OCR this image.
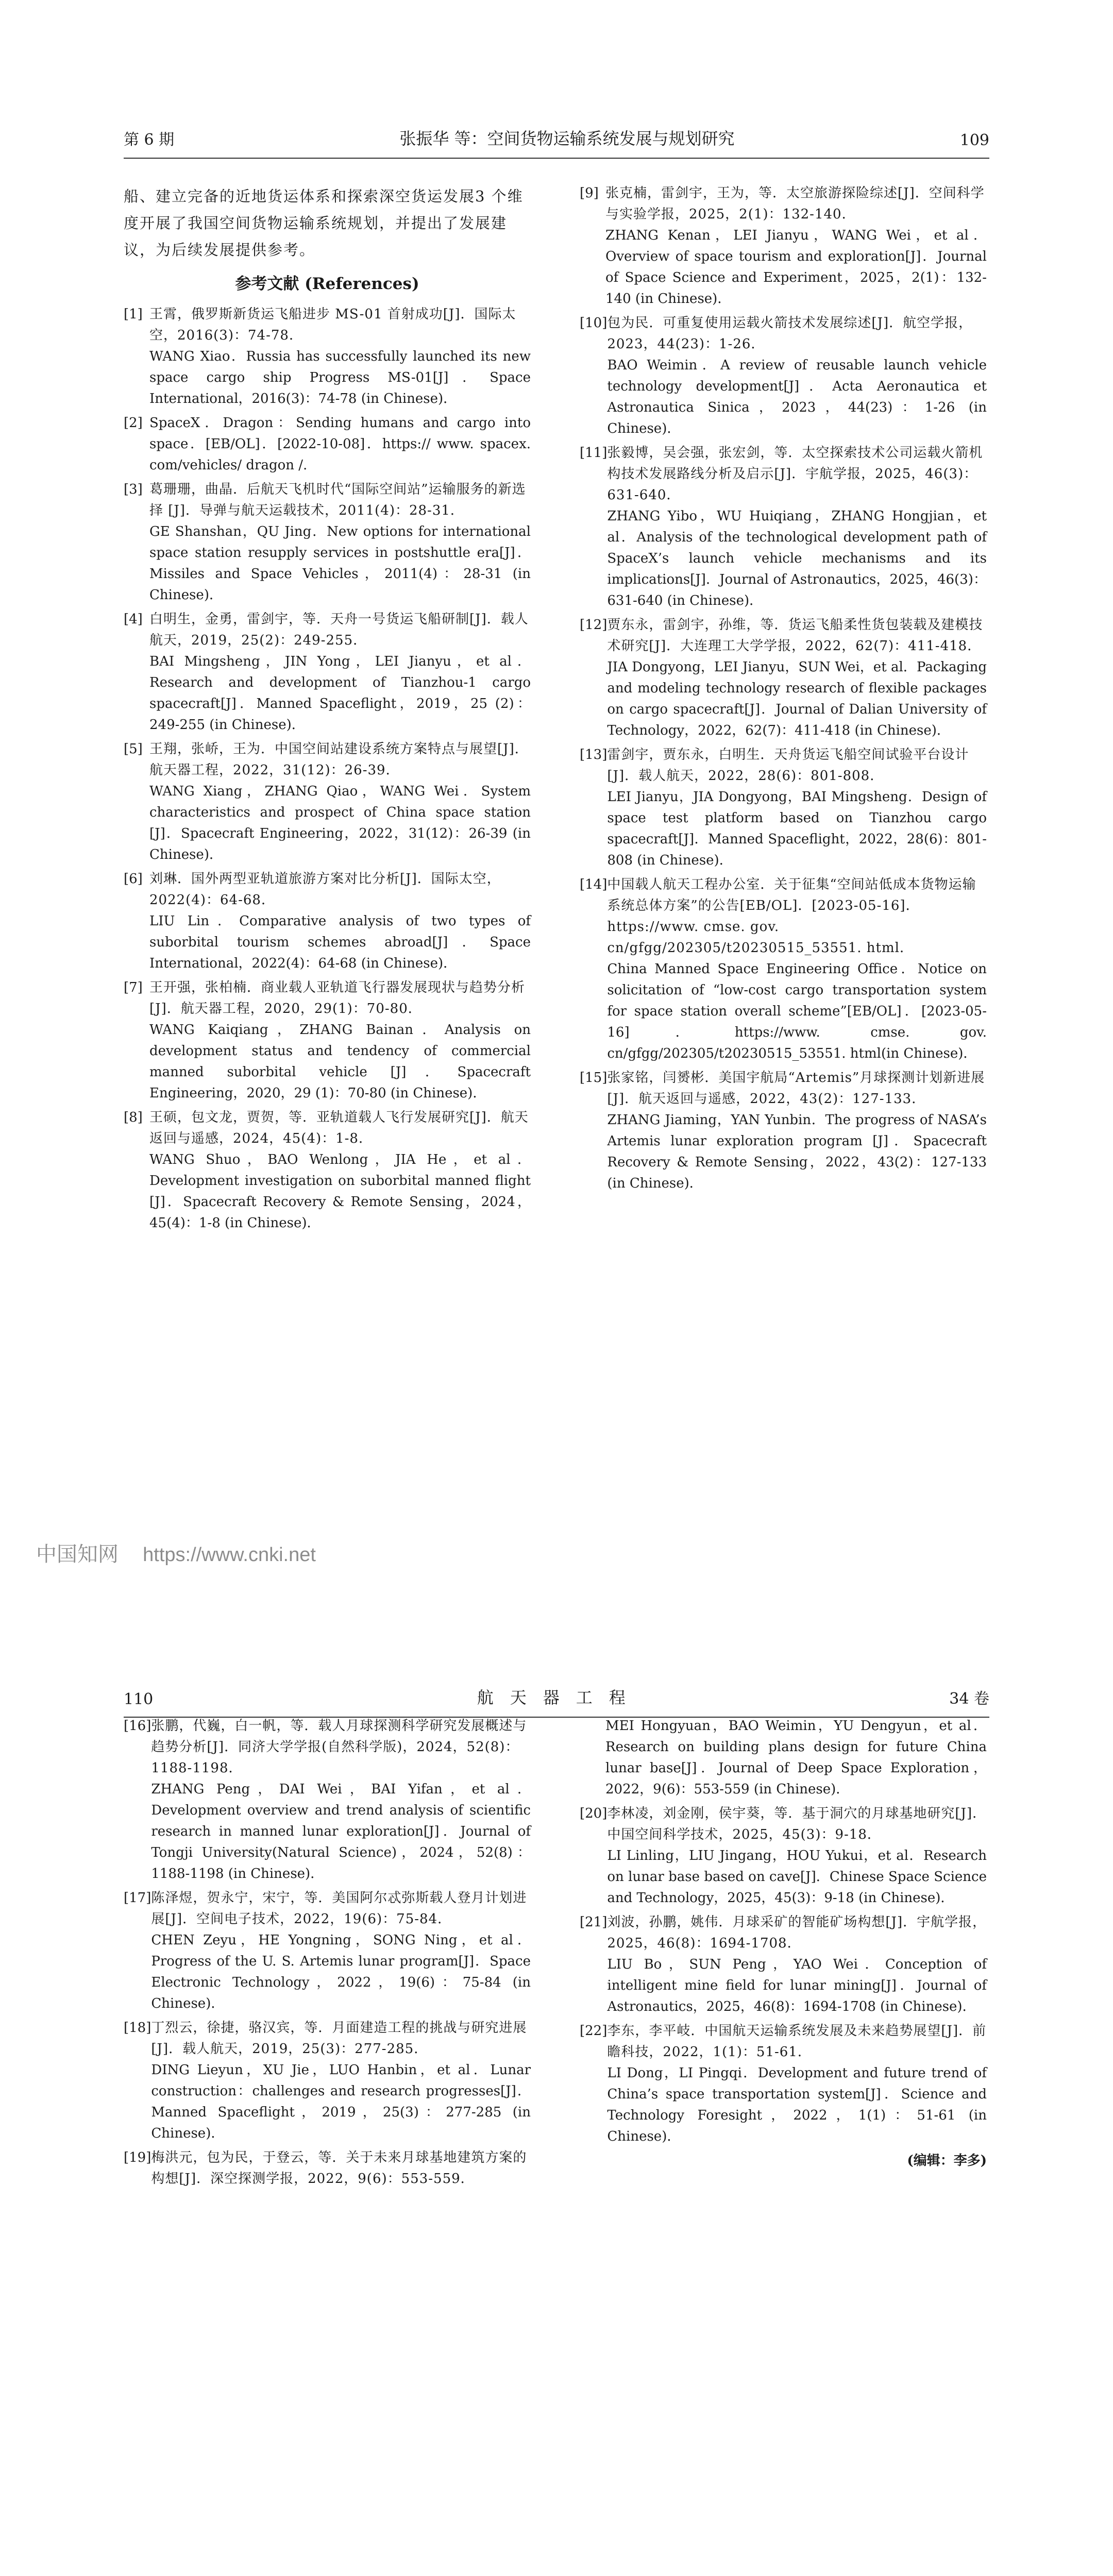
第 6 期	张振华 等：空间货物运输系统发展与规划研究	109

船、建立完备的近地货运体系和探索深空货运发展3 个维度开展了我国空间货物运输系统规划，并提出了发展建议，为后续发展提供参考。

参考文献 (References)
[1] 王霄，俄罗斯新货运飞船进步 MS-01 首射成功[J]．国际太空，2016(3)：74-78．

WANG Xiao．Russia has successfully launched its new space cargo ship Progress MS-01[J]．Space International，2016(3)：74-78 (in Chinese)．

[2] SpaceX．Dragon：Sending humans and cargo into space．[EB/OL]．[2022-10-08]．https:// www. spacex. com/vehicles/ dragon /.

[3] 葛珊珊，曲晶．后航天飞机时代“国际空间站”运输服务的新选择 [J]．导弹与航天运载技术，2011(4)：28-31．

GE Shanshan，QU Jing．New options for international space station resupply services in postshuttle era[J]．Missiles and Space Vehicles，2011(4)：28-31 (in Chinese)．

[4] 白明生，金勇，雷剑宇，等．天舟一号货运飞船研制[J]．载人航天，2019，25(2)：249-255．

BAI Mingsheng，JIN Yong，LEI Jianyu，et al．Research and development of Tianzhou-1 cargo spacecraft[J]．Manned Spaceflight，2019，25 (2)：249-255 (in Chinese)．

[5] 王翔，张峤，王为．中国空间站建设系统方案特点与展望[J]．航天器工程，2022，31(12)：26-39．

WANG Xiang，ZHANG Qiao，WANG Wei．System characteristics and prospect of China space station [J]．Spacecraft Engineering，2022，31(12)：26-39 (in Chinese)．

[6] 刘琳．国外两型亚轨道旅游方案对比分析[J]．国际太空，2022(4)：64-68．

LIU Lin．Comparative analysis of two types of suborbital tourism schemes abroad[J]．Space International，2022(4)：64-68 (in Chinese)．

[7] 王开强，张柏楠．商业载人亚轨道飞行器发展现状与趋势分析[J]．航天器工程，2020，29(1)：70-80．

WANG Kaiqiang，ZHANG Bainan．Analysis on development status and tendency of commercial manned suborbital vehicle [J]．Spacecraft Engineering，2020，29 (1)：70-80 (in Chinese)．

[8] 王硕，包文龙，贾贺，等．亚轨道载人飞行发展研究[J]．航天返回与遥感，2024，45(4)：1-8．

WANG Shuo，BAO Wenlong，JIA He，et al．Development investigation on suborbital manned flight [J]．Spacecraft Recovery & Remote Sensing，2024，45(4)：1-8 (in Chinese)．

[9] 张克楠，雷剑宇，王为，等．太空旅游探险综述[J]．空间科学与实验学报，2025，2(1)：132-140．

ZHANG Kenan，LEI Jianyu，WANG Wei，et al．Overview of space tourism and exploration[J]．Journal of Space Science and Experiment，2025，2(1)：132-140 (in Chinese)．

[10] 包为民．可重复使用运载火箭技术发展综述[J]．航空学报，2023，44(23)：1-26．

BAO Weimin．A review of reusable launch vehicle technology development[J]．Acta Aeronautica et Astronautica Sinica，2023，44(23)：1-26 (in Chinese)．

[11] 张毅博，吴会强，张宏剑，等．太空探索技术公司运载火箭机构技术发展路线分析及启示[J]．宇航学报，2025，46(3)：631-640．

ZHANG Yibo，WU Huiqiang，ZHANG Hongjian，et al．Analysis of the technological development path of SpaceX’s launch vehicle mechanisms and its implications[J]．Journal of Astronautics，2025，46(3)：631-640 (in Chinese)．

[12] 贾东永，雷剑宇，孙维，等．货运飞船柔性货包装载及建模技术研究[J]．大连理工大学学报，2022，62(7)：411-418．

JIA Dongyong，LEI Jianyu，SUN Wei，et al．Packaging and modeling technology research of flexible packages on cargo spacecraft[J]．Journal of Dalian University of Technology，2022，62(7)：411-418 (in Chinese)．

[13] 雷剑宇，贾东永，白明生．天舟货运飞船空间试验平台设计[J]．载人航天，2022，28(6)：801-808．

LEI Jianyu，JIA Dongyong，BAI Mingsheng．Design of space test platform based on Tianzhou cargo spacecraft[J]．Manned Spaceflight，2022，28(6)：801-808 (in Chinese)．

[14] 中国载人航天工程办公室．关于征集“空间站低成本货物运输系统总体方案”的公告[EB/OL]．[2023-05-16]．https://www. cmse. gov. cn/gfgg/202305/t20230515_53551. html．

China Manned Space Engineering Office．Notice on solicitation of “low-cost cargo transportation system for space station overall scheme”[EB/OL]．[2023-05-16]．https://www. cmse. gov. cn/gfgg/202305/t20230515_53551. html(in Chinese)．

[15] 张家铭，闫赟彬．美国宇航局“Artemis”月球探测计划新进展[J]．航天返回与遥感，2022，43(2)：127-133．

ZHANG Jiaming，YAN Yunbin．The progress of NASA’s Artemis lunar exploration program [J]．Spacecraft Recovery & Remote Sensing，2022，43(2)：127-133 (in Chinese)．

中国知网 https://www.cnki.net
110	航　天　器　工　程	34 卷
[16] 张鹏，代巍，白一帆，等．载人月球探测科学研究发展概述与趋势分析[J]．同济大学学报(自然科学版)，2024，52(8)：1188-1198．

ZHANG Peng，DAI Wei，BAI Yifan，et al．Development overview and trend analysis of scientific research in manned lunar exploration[J]．Journal of Tongji University(Natural Science)，2024，52(8)：1188-1198 (in Chinese)．

[17] 陈泽煜，贺永宁，宋宁，等．美国阿尔忒弥斯载人登月计划进展[J]．空间电子技术，2022，19(6)：75-84．

CHEN Zeyu，HE Yongning，SONG Ning，et al．Progress of the U. S. Artemis lunar program[J]．Space Electronic Technology，2022，19(6)：75-84 (in Chinese)．

[18] 丁烈云，徐捷，骆汉宾，等．月面建造工程的挑战与研究进展[J]．载人航天，2019，25(3)：277-285．

DING Lieyun，XU Jie，LUO Hanbin，et al．Lunar construction：challenges and research progresses[J]．Manned Spaceflight，2019，25(3)：277-285 (in Chinese)．

[19] 梅洪元，包为民，于登云，等．关于未来月球基地建筑方案的构想[J]．深空探测学报，2022，9(6)：553-559．

MEI Hongyuan，BAO Weimin，YU Dengyun，et al．Research on building plans design for future China lunar base[J]．Journal of Deep Space Exploration，2022，9(6)：553-559 (in Chinese)．

[20] 李林凌，刘金刚，侯宇葵，等．基于洞穴的月球基地研究[J]．中国空间科学技术，2025，45(3)：9-18．

LI Linling，LIU Jingang，HOU Yukui，et al．Research on lunar base based on cave[J]．Chinese Space Science and Technology，2025，45(3)：9-18 (in Chinese)．

[21] 刘波，孙鹏，姚伟．月球采矿的智能矿场构想[J]．宇航学报，2025，46(8)：1694-1708．

LIU Bo，SUN Peng，YAO Wei．Conception of intelligent mine field for lunar mining[J]．Journal of Astronautics，2025，46(8)：1694-1708 (in Chinese)．

[22] 李东，李平岐．中国航天运输系统发展及未来趋势展望[J]．前瞻科技，2022，1(1)：51-61．

LI Dong，LI Pingqi．Development and future trend of China’s space transportation system[J]．Science and Technology Foresight，2022，1(1)：51-61 (in Chinese)．

(编辑：李多)
